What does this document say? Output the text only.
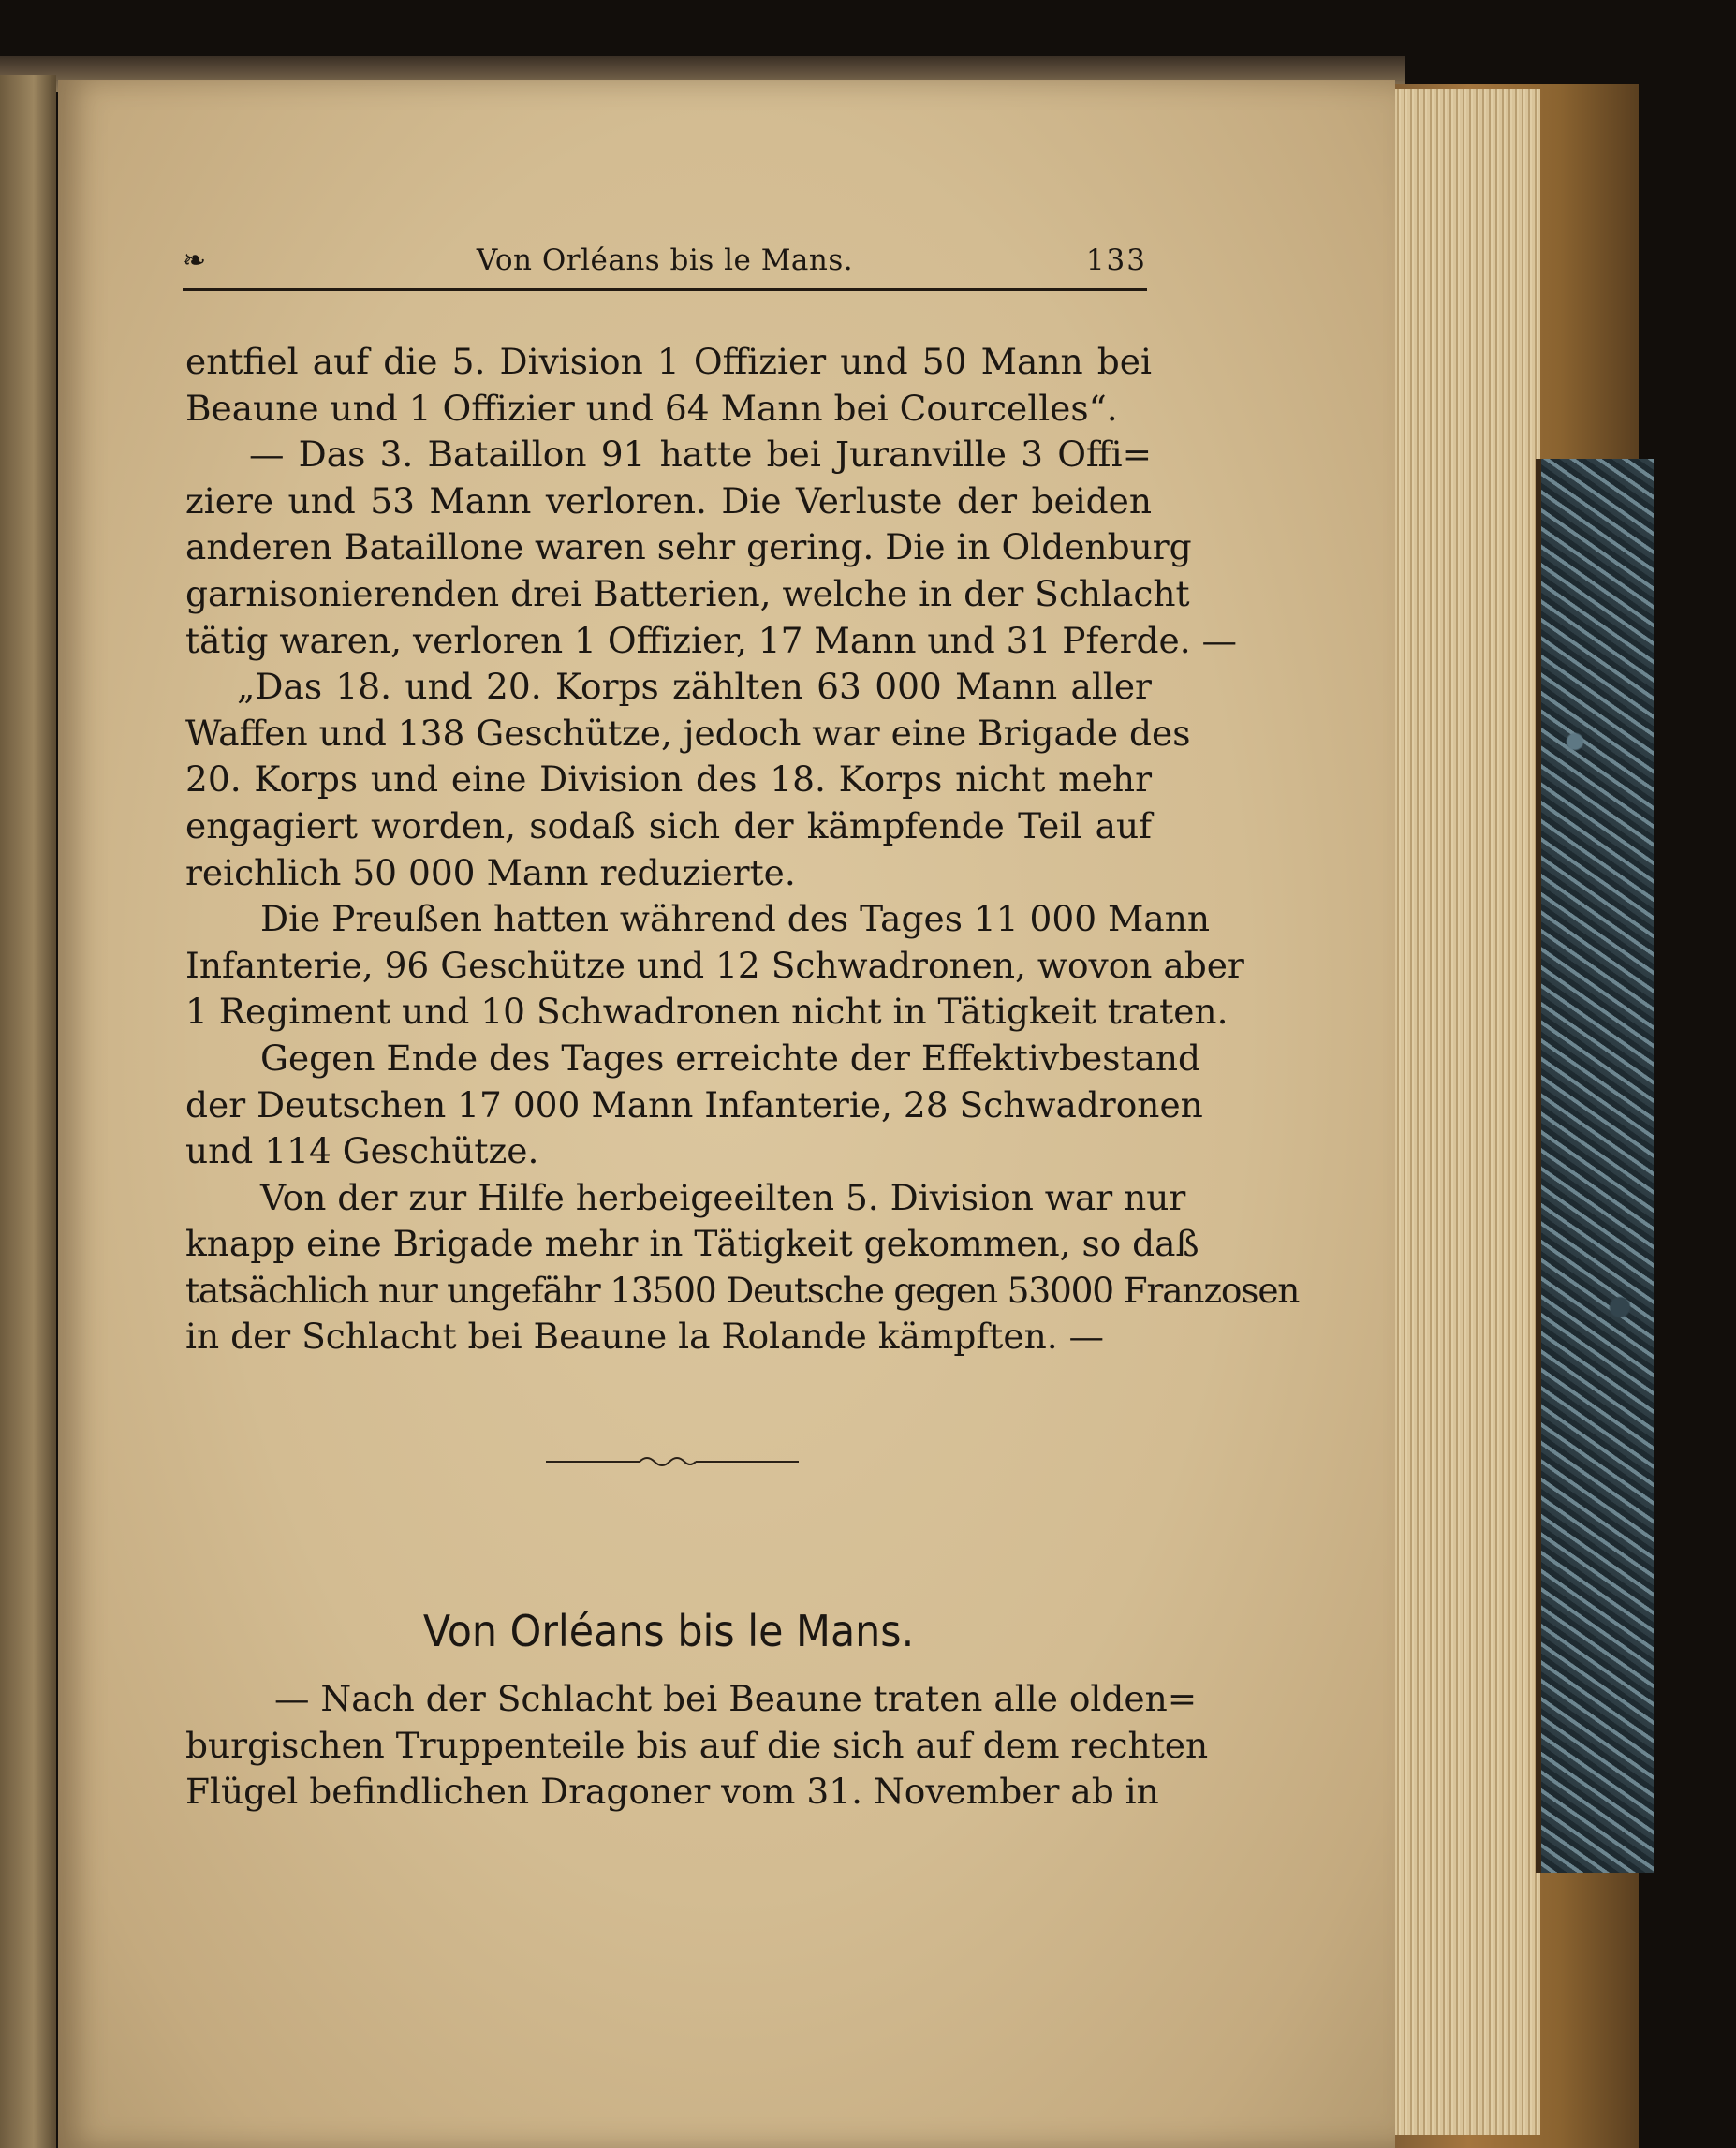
❧	Von Orléans bis le Mans.	133
entfiel auf die 5. Division 1 Offizier und 50 Mann bei
Beaune und 1 Offizier und 64 Mann bei Courcelles“.
— Das 3. Bataillon 91 hatte bei Juranville 3 Offi=
ziere und 53 Mann verloren. Die Verluste der beiden
anderen Bataillone waren sehr gering. Die in Oldenburg
garnisonierenden drei Batterien, welche in der Schlacht
tätig waren, verloren 1 Offizier, 17 Mann und 31 Pferde. —
„Das 18. und 20. Korps zählten 63 000 Mann aller
Waffen und 138 Geschütze, jedoch war eine Brigade des
20. Korps und eine Division des 18. Korps nicht mehr
engagiert worden, sodaß sich der kämpfende Teil auf
reichlich 50 000 Mann reduzierte.
Die Preußen hatten während des Tages 11 000 Mann
Infanterie, 96 Geschütze und 12 Schwadronen, wovon aber
1 Regiment und 10 Schwadronen nicht in Tätigkeit traten.
Gegen Ende des Tages erreichte der Effektivbestand
der Deutschen 17 000 Mann Infanterie, 28 Schwadronen
und 114 Geschütze.
Von der zur Hilfe herbeigeeilten 5. Division war nur
knapp eine Brigade mehr in Tätigkeit gekommen, so daß
tatsächlich nur ungefähr 13500 Deutsche gegen 53000 Franzosen
in der Schlacht bei Beaune la Rolande kämpften. —
Von Orléans bis le Mans.
— Nach der Schlacht bei Beaune traten alle olden=
burgischen Truppenteile bis auf die sich auf dem rechten
Flügel befindlichen Dragoner vom 31. November ab in
